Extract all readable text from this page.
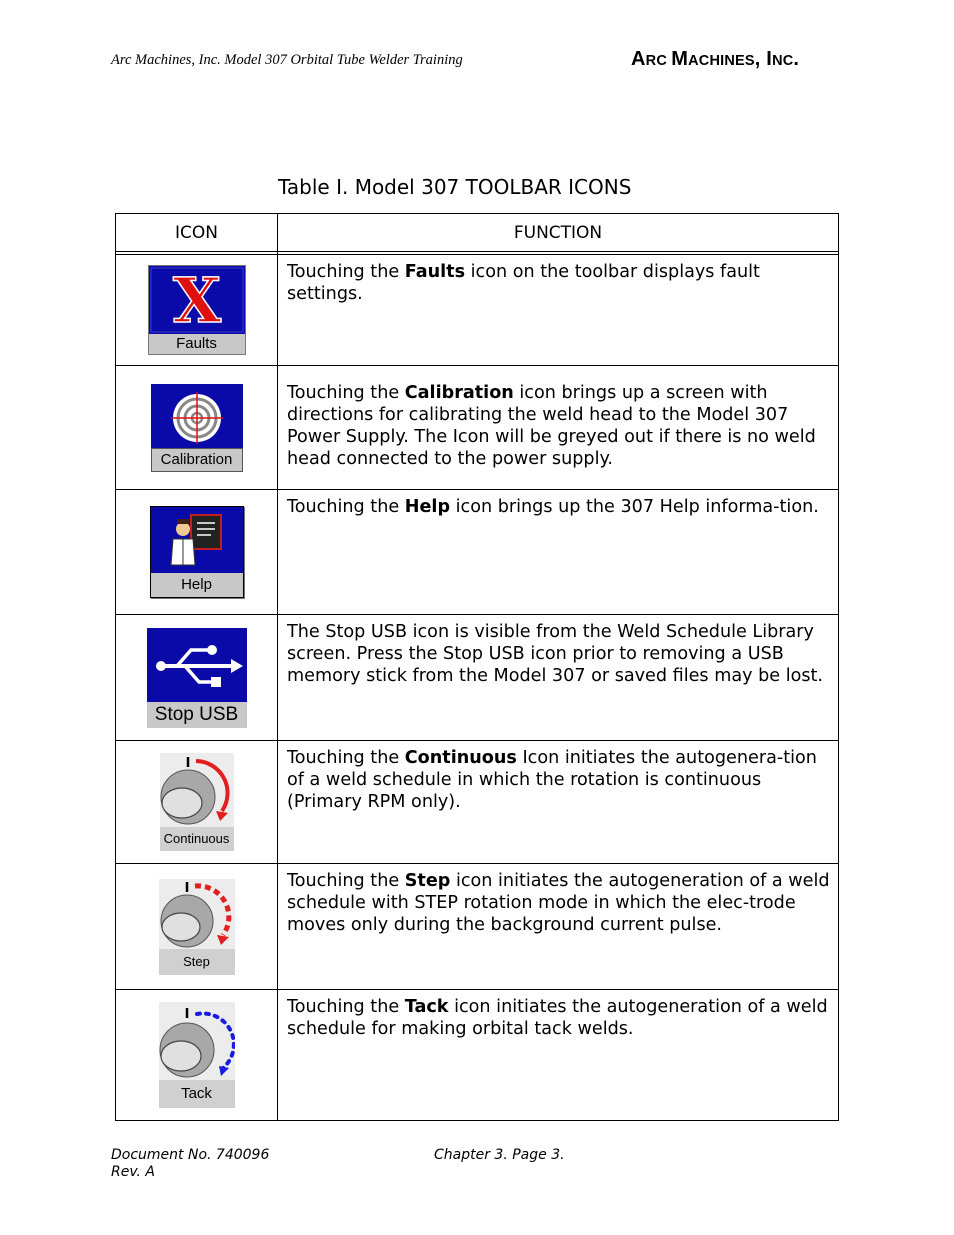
Arc Machines, Inc. Model 307 Orbital Tube Welder Training	ARC MACHINES, INC.
Table I. Model 307 TOOLBAR ICONS
ICON	FUNCTION

X
Faults	Touching the Faults icon on the toolbar displays fault settings.

Calibration	Touching the Calibration icon brings up a screen with directions for calibrating the weld head to the Model 307 Power Supply. The Icon will be greyed out if there is no weld head connected to the power supply.

Help	Touching the Help icon brings up the 307 Help informa-tion.

Stop USB	The Stop USB icon is visible from the Weld Schedule Library screen. Press the Stop USB icon prior to removing a USB memory stick from the Model 307 or saved files may be lost.

Continuous	Touching the Continuous Icon initiates the autogenera-tion of a weld schedule in which the rotation is continuous (Primary RPM only).

Step	Touching the Step icon initiates the autogeneration of a weld schedule with STEP rotation mode in which the elec-trode moves only during the background current pulse.

Tack	Touching the Tack icon initiates the autogeneration of a weld schedule for making orbital tack welds.
Document No. 740096
Rev. A
Chapter 3. Page 3.
